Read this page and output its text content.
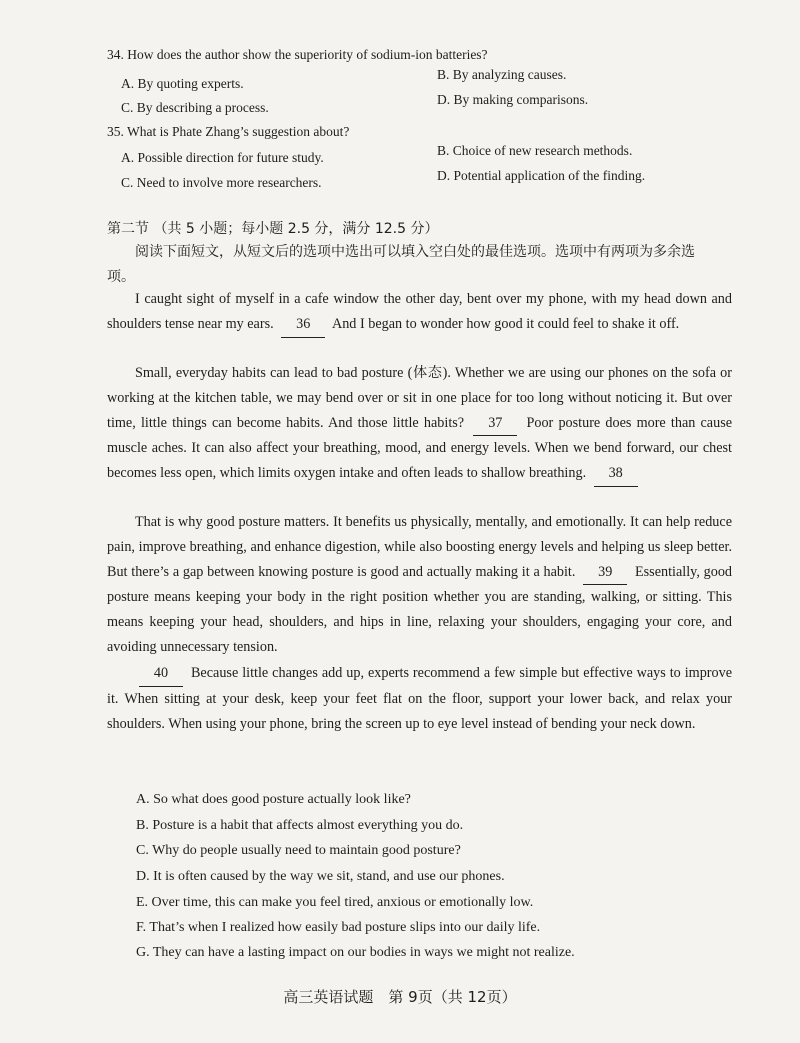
34. How does the author show the superiority of sodium-ion batteries?
A. By quoting experts.
B. By analyzing causes.
C. By describing a process.
D. By making comparisons.
35. What is Phate Zhang’s suggestion about?
A. Possible direction for future study.	B. Choice of new research methods.
C. Need to involve more researchers.	D. Potential application of the finding.
第二节 （共 5 小题；每小题 2.5 分，满分 12.5 分）
阅读下面短文，从短文后的选项中选出可以填入空白处的最佳选项。选项中有两项为多余选项。
I caught sight of myself in a cafe window the other day, bent over my phone, with my head down and shoulders tense near my ears. 36 And I began to wonder how good it could feel to shake it off.
Small, everyday habits can lead to bad posture (体态). Whether we are using our phones on the sofa or working at the kitchen table, we may bend over or sit in one place for too long without noticing it. But over time, little things can become habits. And those little habits? 37 Poor posture does more than cause muscle aches. It can also affect your breathing, mood, and energy levels. When we bend forward, our chest becomes less open, which limits oxygen intake and often leads to shallow breathing. 38
That is why good posture matters. It benefits us physically, mentally, and emotionally. It can help reduce pain, improve breathing, and enhance digestion, while also boosting energy levels and helping us sleep better. But there’s a gap between knowing posture is good and actually making it a habit. 39 Essentially, good posture means keeping your body in the right position whether you are standing, walking, or sitting. This means keeping your head, shoulders, and hips in line, relaxing your shoulders, engaging your core, and avoiding unnecessary tension.
40 Because little changes add up, experts recommend a few simple but effective ways to improve it. When sitting at your desk, keep your feet flat on the floor, support your lower back, and relax your shoulders. When using your phone, bring the screen up to eye level instead of bending your neck down.
A. So what does good posture actually look like?
B. Posture is a habit that affects almost everything you do.
C. Why do people usually need to maintain good posture?
D. It is often caused by the way we sit, stand, and use our phones.
E. Over time, this can make you feel tired, anxious or emotionally low.
F. That’s when I realized how easily bad posture slips into our daily life.
G. They can have a lasting impact on our bodies in ways we might not realize.
高三英语试题　第 9页（共 12页）
